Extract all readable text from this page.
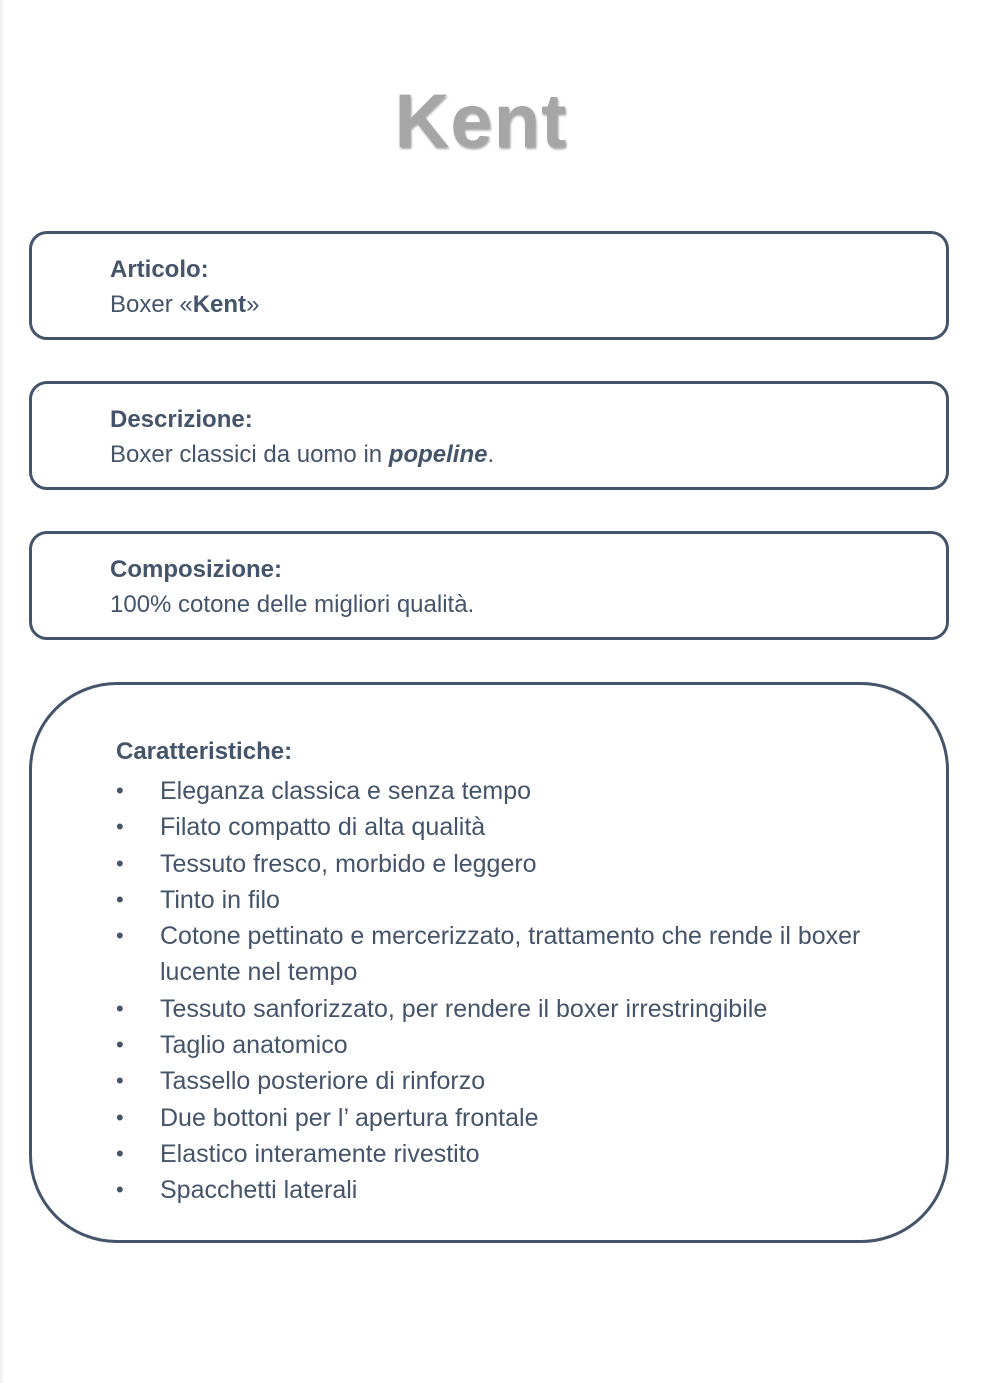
Kent
Articolo:
Boxer «Kent»
Descrizione:
Boxer classici da uomo in popeline.
Composizione:
100% cotone delle migliori qualità.
Caratteristiche:
• Eleganza classica e senza tempo
• Filato compatto di alta qualità
• Tessuto fresco, morbido e leggero
• Tinto in filo
• Cotone pettinato e mercerizzato, trattamento che rende il boxer lucente nel tempo
• Tessuto sanforizzato, per rendere il boxer irrestringibile
• Taglio anatomico
• Tassello posteriore di rinforzo
• Due bottoni per l’ apertura frontale
• Elastico interamente rivestito
• Spacchetti laterali
